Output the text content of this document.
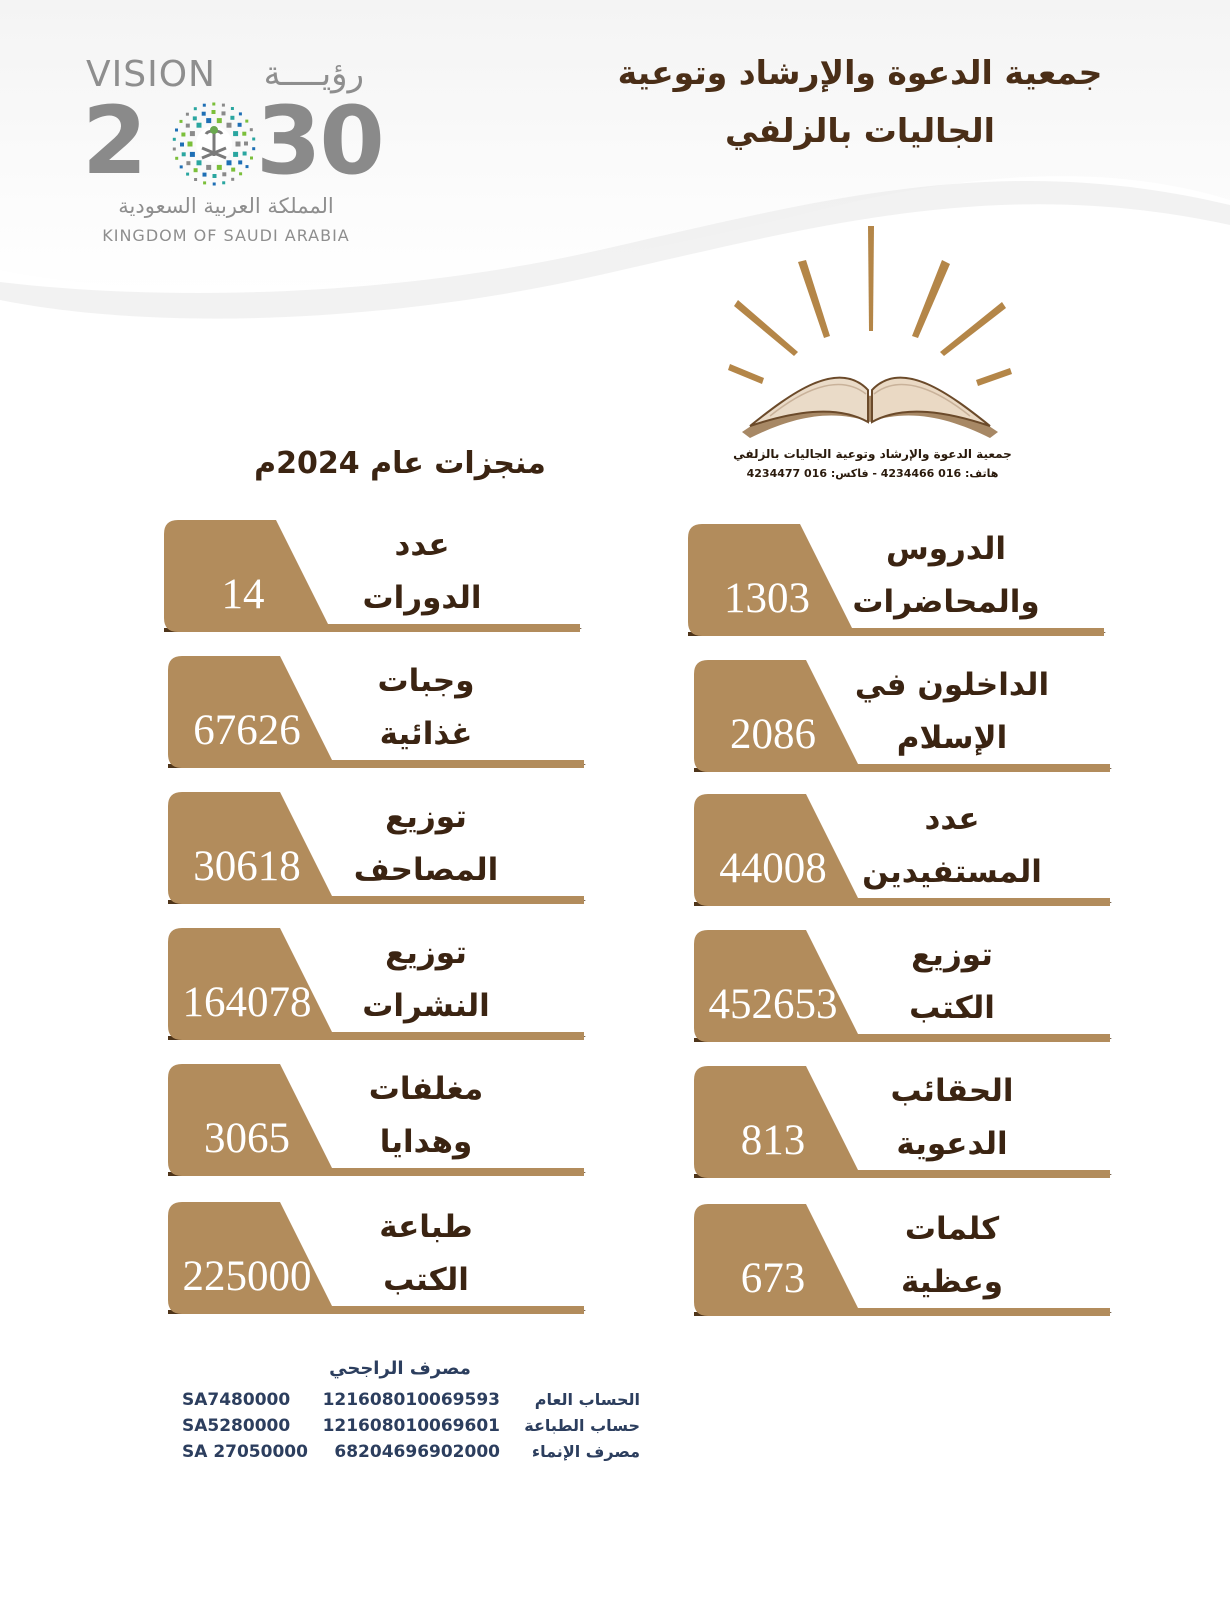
جمعية الدعوة والإرشاد وتوعية
الجاليات بالزلفي
VISION	رؤيــــة
2 30
المملكة العربية السعودية
KINGDOM OF SAUDI ARABIA
جمعية الدعوة والإرشاد وتوعية الجاليات بالزلفي
هاتف: 016 4234466 - فاكس: 016 4234477
منجزات عام 2024م
عدد
الدورات
14
وجبات
غذائية
67626
توزيع
المصاحف
30618
توزيع
النشرات
164078
مغلفات
وهدايا
3065
طباعة
الكتب
225000
الدروس
والمحاضرات
1303
الداخلون في
الإسلام
2086
عدد
المستفيدين
44008
توزيع
الكتب
452653
الحقائب
الدعوية
813
كلمات
وعظية
673
مصرف الراجحي
الحساب العام
121608010069593
SA7480000
حساب الطباعة
121608010069601
SA5280000
مصرف الإنماء
68204696902000
SA 27050000
